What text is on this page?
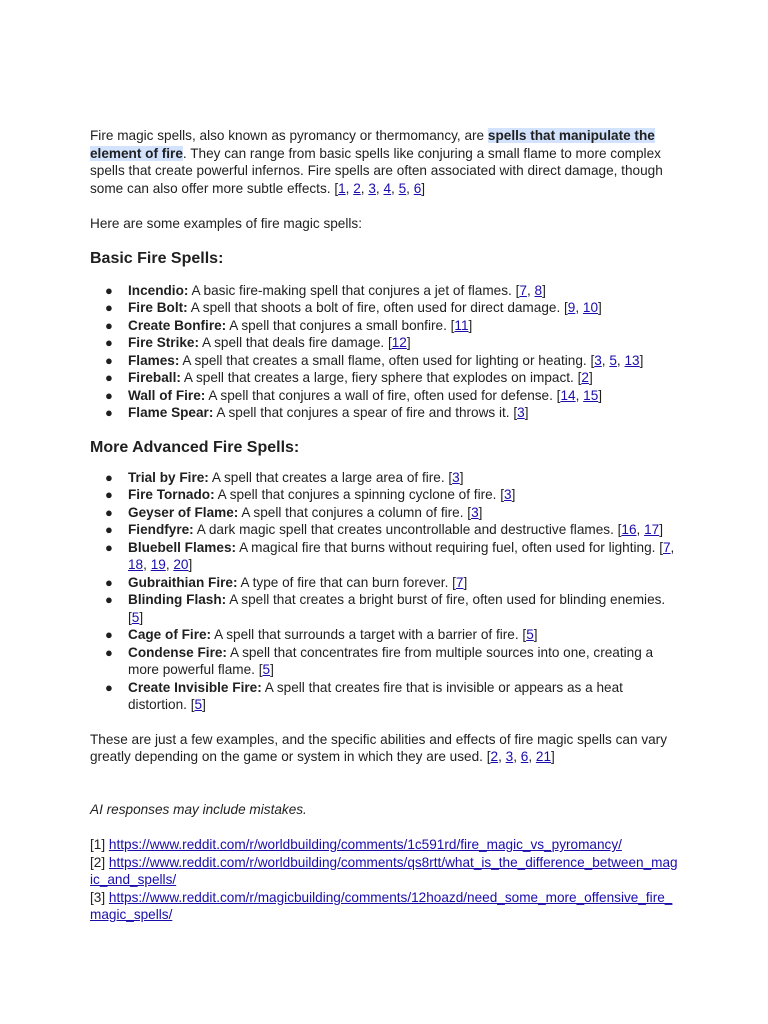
Fire magic spells, also known as pyromancy or thermomancy, are spells that manipulate the element of fire. They can range from basic spells like conjuring a small flame to more complex spells that create powerful infernos. Fire spells are often associated with direct damage, though some can also offer more subtle effects. [1, 2, 3, 4, 5, 6]

Here are some examples of fire magic spells:

Basic Fire Spells:
● Incendio: A basic fire-making spell that conjures a jet of flames. [7, 8]
● Fire Bolt: A spell that shoots a bolt of fire, often used for direct damage. [9, 10]
● Create Bonfire: A spell that conjures a small bonfire. [11]
● Fire Strike: A spell that deals fire damage. [12]
● Flames: A spell that creates a small flame, often used for lighting or heating. [3, 5, 13]
● Fireball: A spell that creates a large, fiery sphere that explodes on impact. [2]
● Wall of Fire: A spell that conjures a wall of fire, often used for defense. [14, 15]
● Flame Spear: A spell that conjures a spear of fire and throws it. [3]
More Advanced Fire Spells:
● Trial by Fire: A spell that creates a large area of fire. [3]
● Fire Tornado: A spell that conjures a spinning cyclone of fire. [3]
● Geyser of Flame: A spell that conjures a column of fire. [3]
● Fiendfyre: A dark magic spell that creates uncontrollable and destructive flames. [16, 17]
● Bluebell Flames: A magical fire that burns without requiring fuel, often used for lighting. [7, 18, 19, 20]
● Gubraithian Fire: A type of fire that can burn forever. [7]
● Blinding Flash: A spell that creates a bright burst of fire, often used for blinding enemies. [5]
● Cage of Fire: A spell that surrounds a target with a barrier of fire. [5]
● Condense Fire: A spell that concentrates fire from multiple sources into one, creating a more powerful flame. [5]
● Create Invisible Fire: A spell that creates fire that is invisible or appears as a heat distortion. [5]

These are just a few examples, and the specific abilities and effects of fire magic spells can vary greatly depending on the game or system in which they are used. [2, 3, 6, 21]

AI responses may include mistakes.

[1] https://www.reddit.com/r/worldbuilding/comments/1c591rd/fire_magic_vs_pyromancy/
[2] https://www.reddit.com/r/worldbuilding/comments/qs8rtt/what_is_the_difference_between_magic_and_spells/
[3] https://www.reddit.com/r/magicbuilding/comments/12hoazd/need_some_more_offensive_fire_magic_spells/
